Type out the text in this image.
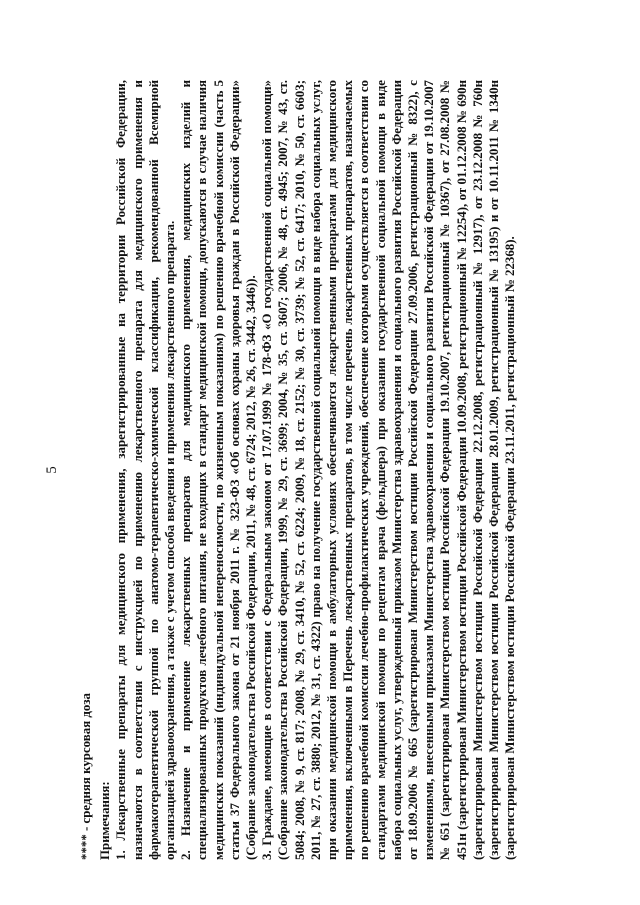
5

**** - средняя курсовая доза Примечания: 1. Лекарственные препараты для медицинского применения, зарегистрированные на территории Российской Федерации, назначаются в соответствии с инструкцией по применению лекарственного препарата для медицинского применения и фармакотерапевтической группой по анатомо-терапевтическо-химической классификации, рекомендованной Всемирной организацией здравоохранения, а также с учетом способа введения и применения лекарственного препарата. 2. Назначение и применение лекарственных препаратов для медицинского применения, медицинских изделий и специализированных продуктов лечебного питания, не входящих в стандарт медицинской помощи, допускаются в случае наличия медицинских показаний (индивидуальной непереносимости, по жизненным показаниям) по решению врачебной комиссии (часть 5 статьи 37 Федерального закона от 21 ноября 2011 г. № 323-ФЗ «Об основах охраны здоровья граждан в Российской Федерации» (Собрание законодательства Российской Федерации, 2011, № 48, ст. 6724; 2012, № 26, ст. 3442, 3446)). 3. Граждане, имеющие в соответствии с Федеральным законом от 17.07.1999 № 178-ФЗ «О государственной социальной помощи» (Собрание законодательства Российской Федерации, 1999, № 29, ст. 3699; 2004, № 35, ст. 3607; 2006, № 48, ст. 4945; 2007, № 43, ст. 5084; 2008, № 9, ст. 817; 2008, № 29, ст. 3410, № 52, ст. 6224; 2009, № 18, ст. 2152; № 30, ст. 3739; № 52, ст. 6417; 2010, № 50, ст. 6603; 2011, № 27, ст. 3880; 2012, № 31, ст. 4322) право на получение государственной социальной помощи в виде набора социальных услуг, при оказании медицинской помощи в амбулаторных условиях обеспечиваются лекарственными препаратами для медицинского применения, включенными в Перечень лекарственных препаратов, в том числе перечень лекарственных препаратов, назначаемых по решению врачебной комиссии лечебно-профилактических учреждений, обеспечение которыми осуществляется в соответствии со стандартами медицинской помощи по рецептам врача (фельдшера) при оказании государственной социальной помощи в виде набора социальных услуг, утвержденный приказом Министерства здравоохранения и социального развития Российской Федерации от 18.09.2006 № 665 (зарегистрирован Министерством юстиции Российской Федерации 27.09.2006, регистрационный № 8322), с изменениями, внесенными приказами Министерства здравоохранения и социального развития Российской Федерации от 19.10.2007 № 651 (зарегистрирован Министерством юстиции Российской Федерации 19.10.2007, регистрационный № 10367), от 27.08.2008 № 451н (зарегистрирован Министерством юстиции Российской Федерации 10.09.2008, регистрационный № 12254), от 01.12.2008 № 690н (зарегистрирован Министерством юстиции Российской Федерации 22.12.2008, регистрационный № 12917), от 23.12.2008 № 760н (зарегистрирован Министерством юстиции Российской Федерации 28.01.2009, регистрационный № 13195) и от 10.11.2011 № 1340н (зарегистрирован Министерством юстиции Российской Федерации 23.11.2011, регистрационный № 22368).
